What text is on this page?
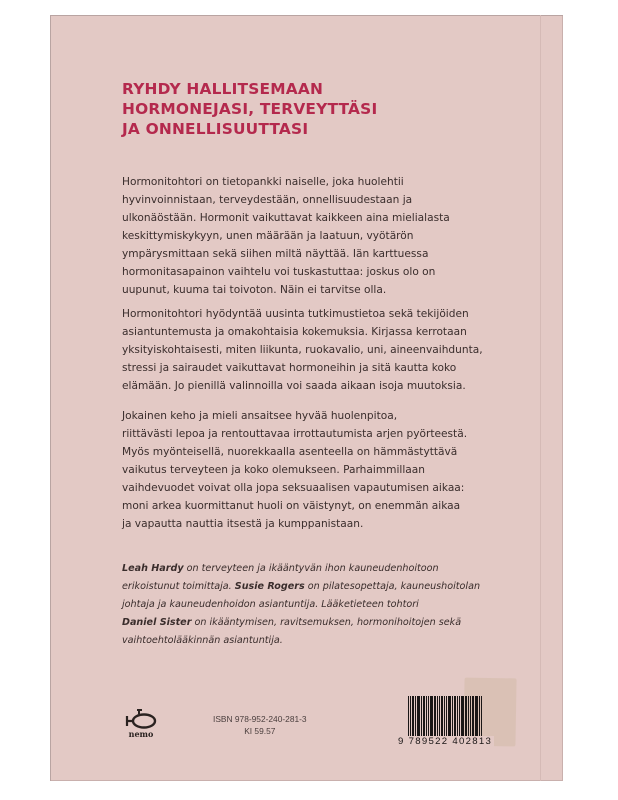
RYHDY HALLITSEMAAN
HORMONEJASI, TERVEYTTÄSI
JA ONNELLISUUTTASI
Hormonitohtori on tietopankki naiselle, joka huolehtii
hyvinvoinnistaan, terveydestään, onnellisuudestaan ja
ulkonäöstään. Hormonit vaikuttavat kaikkeen aina mielialasta
keskittymiskykyyn, unen määrään ja laatuun, vyötärön
ympärysmittaan sekä siihen miltä näyttää. Iän karttuessa
hormonitasapainon vaihtelu voi tuskastuttaa: joskus olo on
uupunut, kuuma tai toivoton. Näin ei tarvitse olla.
Hormonitohtori hyödyntää uusinta tutkimustietoa sekä tekijöiden
asiantuntemusta ja omakohtaisia kokemuksia. Kirjassa kerrotaan
yksityiskohtaisesti, miten liikunta, ruokavalio, uni, aineenvaihdunta,
stressi ja sairaudet vaikuttavat hormoneihin ja sitä kautta koko
elämään. Jo pienillä valinnoilla voi saada aikaan isoja muutoksia.
Jokainen keho ja mieli ansaitsee hyvää huolenpitoa,
riittävästi lepoa ja rentouttavaa irrottautumista arjen pyörteestä.
Myös myönteisellä, nuorekkaalla asenteella on hämmästyttävä
vaikutus terveyteen ja koko olemukseen. Parhaimmillaan
vaihdevuodet voivat olla jopa seksuaalisen vapautumisen aikaa:
moni arkea kuormittanut huoli on väistynyt, on enemmän aikaa
ja vapautta nauttia itsestä ja kumppanistaan.
Leah Hardy on terveyteen ja ikääntyvän ihon kauneudenhoitoon
erikoistunut toimittaja. Susie Rogers on pilatesopettaja, kauneushoitolan
johtaja ja kauneudenhoidon asiantuntija. Lääketieteen tohtori
Daniel Sister on ikääntymisen, ravitsemuksen, hormonihoitojen sekä
vaihtoehtolääkinnän asiantuntija.
nemo
ISBN 978-952-240-281-3
KI 59.57
9 789522 402813
